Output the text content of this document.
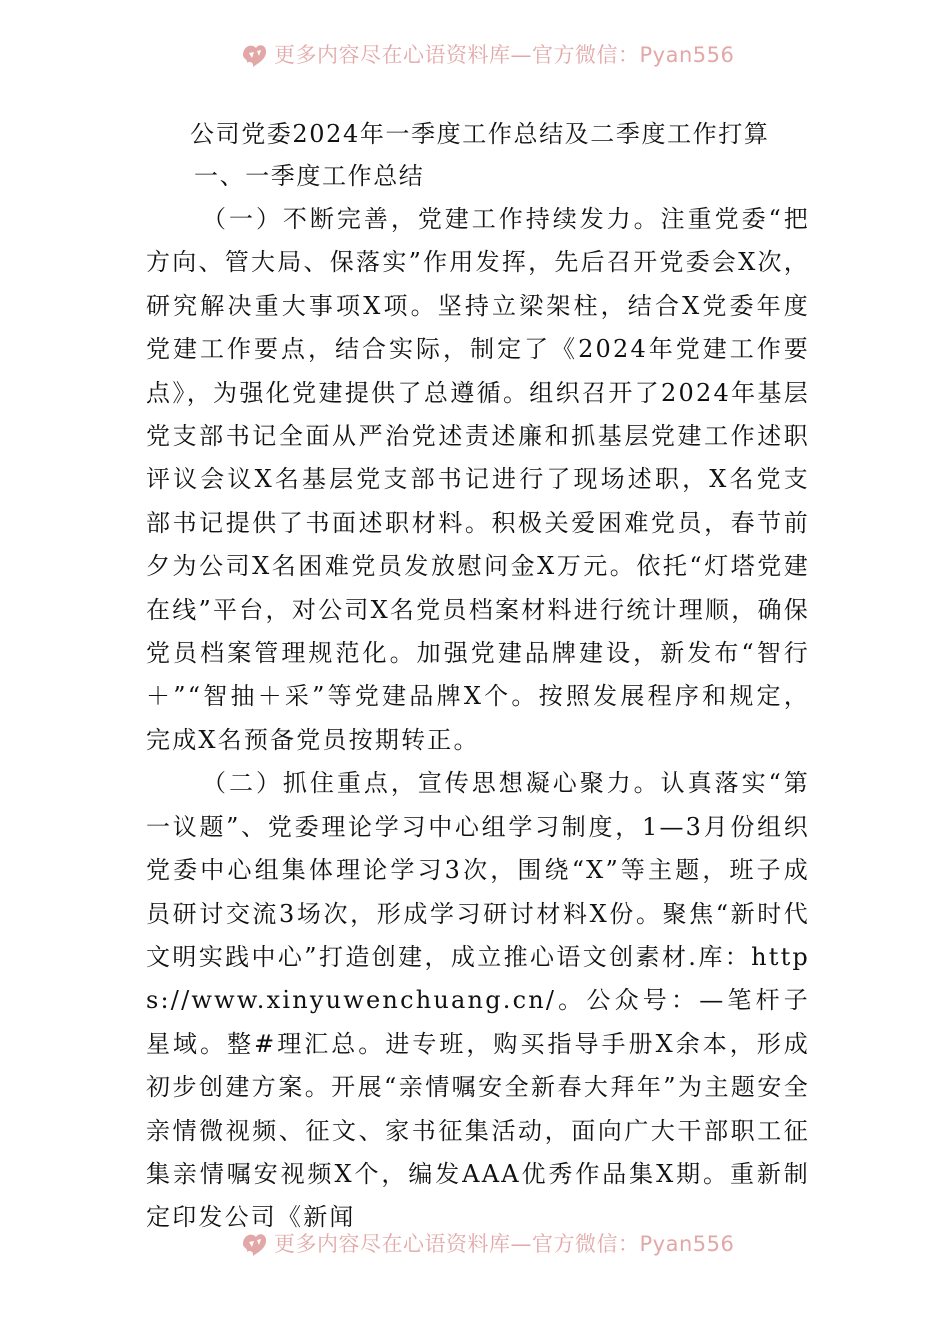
更多内容尽在心语资料库—官方微信：Pyan556
公司党委2024年一季度工作总结及二季度工作打算
一、一季度工作总结

（一）不断完善，党建工作持续发力。注重党委“把方向、管大局、保落实”作用发挥，先后召开党委会X次，研究解决重大事项X项。坚持立梁架柱，结合X党委年度党建工作要点，结合实际，制定了《2024年党建工作要点》，为强化党建提供了总遵循。组织召开了2024年基层党支部书记全面从严治党述责述廉和抓基层党建工作述职评议会议X名基层党支部书记进行了现场述职，X名党支部书记提供了书面述职材料。积极关爱困难党员，春节前夕为公司X名困难党员发放慰问金X万元。依托“灯塔党建在线”平台，对公司X名党员档案材料进行统计理顺，确保党员档案管理规范化。加强党建品牌建设，新发布“智行＋”“智抽＋采”等党建品牌X个。按照发展程序和规定，完成X名预备党员按期转正。

（二）抓住重点，宣传思想凝心聚力。认真落实“第一议题”、党委理论学习中心组学习制度，1—3月份组织党委中心组集体理论学习3次，围绕“X”等主题，班子成员研讨交流3场次，形成学习研讨材料X份。聚焦“新时代文明实践中心”打造创建，成立推心语文创素材.库：https://www.xinyuwenchuang.cn/。公众号：—笔杆子星域。整#理汇总。进专班，购买指导手册X余本，形成初步创建方案。开展“亲情嘱安全新春大拜年”为主题安全亲情微视频、征文、家书征集活动，面向广大干部职工征集亲情嘱安视频X个，编发AAA优秀作品集X期。重新制定印发公司《新闻

更多内容尽在心语资料库—官方微信：Pyan556
